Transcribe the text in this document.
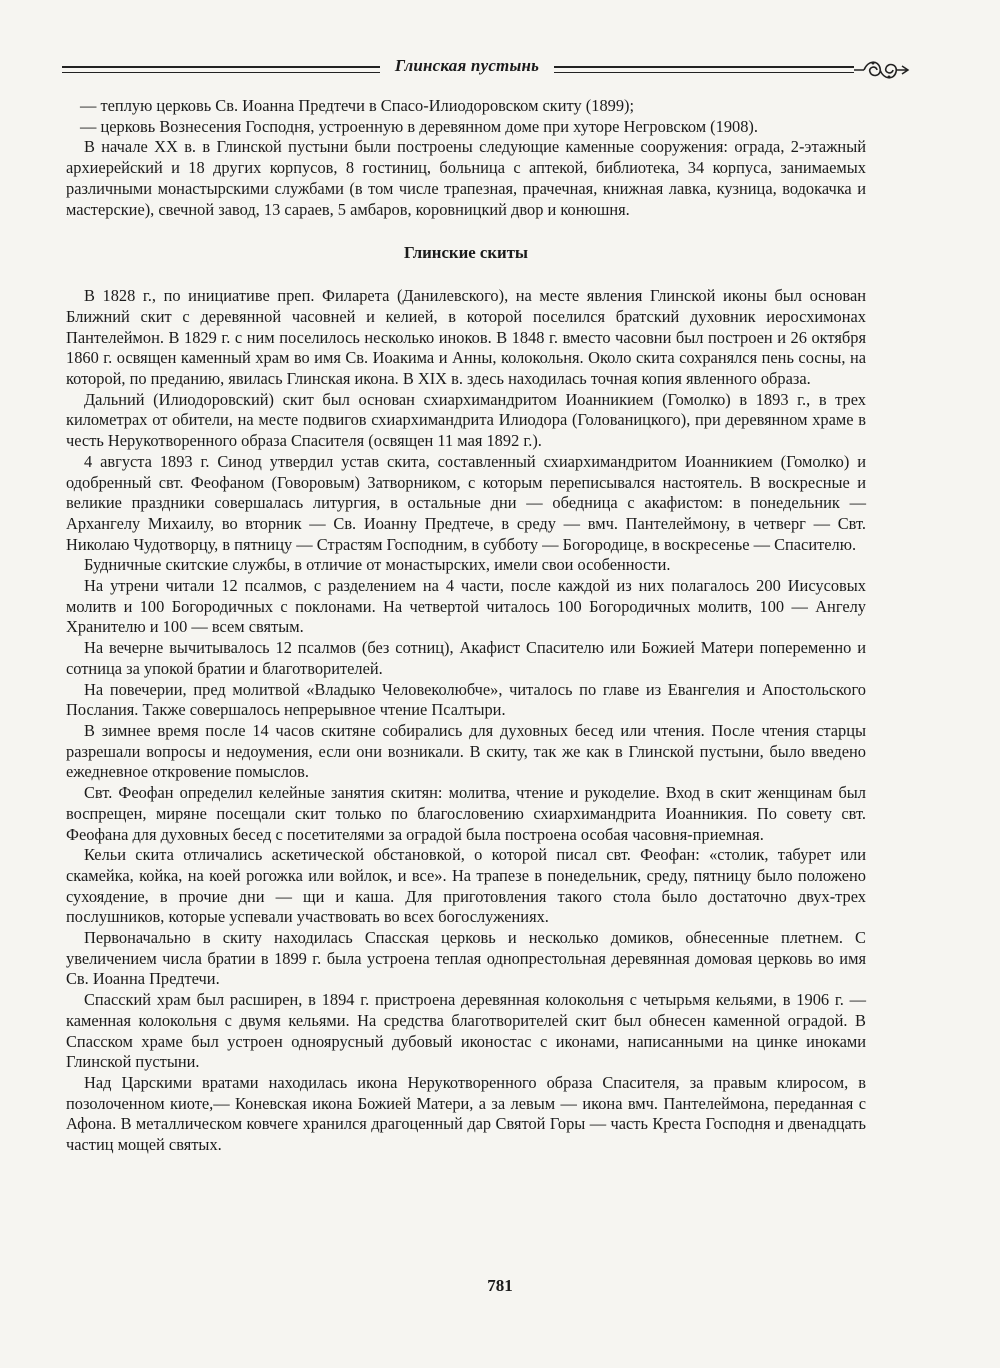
Глинская пустынь

— теплую церковь Св. Иоанна Предтечи в Спасо-Илиодоровском скиту (1899);

— церковь Вознесения Господня, устроенную в деревянном доме при хуторе Негровском (1908).

В начале XX в. в Глинской пустыни были построены следующие каменные сооружения: ограда, 2-этажный архиерейский и 18 других корпусов, 8 гостиниц, больница с аптекой, библиотека, 34 корпуса, занимаемых различными монастырскими службами (в том числе трапезная, прачечная, книжная лавка, кузница, водокачка и мастерские), свечной завод, 13 сараев, 5 амбаров, коровницкий двор и конюшня.

Глинские скиты

В 1828 г., по инициативе преп. Филарета (Данилевского), на месте явления Глинской иконы был основан Ближний скит с деревянной часовней и келией, в которой поселился братский духовник иеросхимонах Пантелеймон. В 1829 г. с ним поселилось несколько иноков. В 1848 г. вместо часовни был построен и 26 октября 1860 г. освящен каменный храм во имя Св. Иоакима и Анны, колокольня. Около скита сохранялся пень сосны, на которой, по преданию, явилась Глинская икона. В XIX в. здесь находилась точная копия явленного образа.

Дальний (Илиодоровский) скит был основан схиархимандритом Иоанникием (Гомолко) в 1893 г., в трех километрах от обители, на месте подвигов схиархимандрита Илиодора (Голованицкого), при деревянном храме в честь Нерукотворенного образа Спасителя (освящен 11 мая 1892 г.).

4 августа 1893 г. Синод утвердил устав скита, составленный схиархимандритом Иоанникием (Гомолко) и одобренный свт. Феофаном (Говоровым) Затворником, с которым переписывался настоятель. В воскресные и великие праздники совершалась литургия, в остальные дни — обедница с акафистом: в понедельник — Архангелу Михаилу, во вторник — Св. Иоанну Предтече, в среду — вмч. Пантелеймону, в четверг — Свт. Николаю Чудотворцу, в пятницу — Страстям Господним, в субботу — Богородице, в воскресенье — Спасителю.

Будничные скитские службы, в отличие от монастырских, имели свои особенности.

На утрени читали 12 псалмов, с разделением на 4 части, после каждой из них полагалось 200 Иисусовых молитв и 100 Богородичных с поклонами. На четвертой читалось 100 Богородичных молитв, 100 — Ангелу Хранителю и 100 — всем святым.

На вечерне вычитывалось 12 псалмов (без сотниц), Акафист Спасителю или Божией Матери попеременно и сотница за упокой братии и благотворителей.

На повечерии, пред молитвой «Владыко Человеколюбче», читалось по главе из Евангелия и Апостольского Послания. Также совершалось непрерывное чтение Псалтыри.

В зимнее время после 14 часов скитяне собирались для духовных бесед или чтения. После чтения старцы разрешали вопросы и недоумения, если они возникали. В скиту, так же как в Глинской пустыни, было введено ежедневное откровение помыслов.

Свт. Феофан определил келейные занятия скитян: молитва, чтение и рукоделие. Вход в скит женщинам был воспрещен, миряне посещали скит только по благословению схиархимандрита Иоанникия. По совету свт. Феофана для духовных бесед с посетителями за оградой была построена особая часовня-приемная.

Кельи скита отличались аскетической обстановкой, о которой писал свт. Феофан: «столик, табурет или скамейка, койка, на коей рогожка или войлок, и все». На трапезе в понедельник, среду, пятницу было положено сухоядение, в прочие дни — щи и каша. Для приготовления такого стола было достаточно двух-трех послушников, которые успевали участвовать во всех богослужениях.

Первоначально в скиту находилась Спасская церковь и несколько домиков, обнесенные плетнем. С увеличением числа братии в 1899 г. была устроена теплая однопрестольная деревянная домовая церковь во имя Св. Иоанна Предтечи.

Спасский храм был расширен, в 1894 г. пристроена деревянная колокольня с четырьмя кельями, в 1906 г. — каменная колокольня с двумя кельями. На средства благотворителей скит был обнесен каменной оградой. В Спасском храме был устроен одноярусный дубовый иконостас с иконами, написанными на цинке иноками Глинской пустыни.

Над Царскими вратами находилась икона Нерукотворенного образа Спасителя, за правым клиросом, в позолоченном киоте,— Коневская икона Божией Матери, а за левым — икона вмч. Пантелеймона, переданная с Афона. В металлическом ковчеге хранился драгоценный дар Святой Горы — часть Креста Господня и двенадцать частиц мощей святых.

781
